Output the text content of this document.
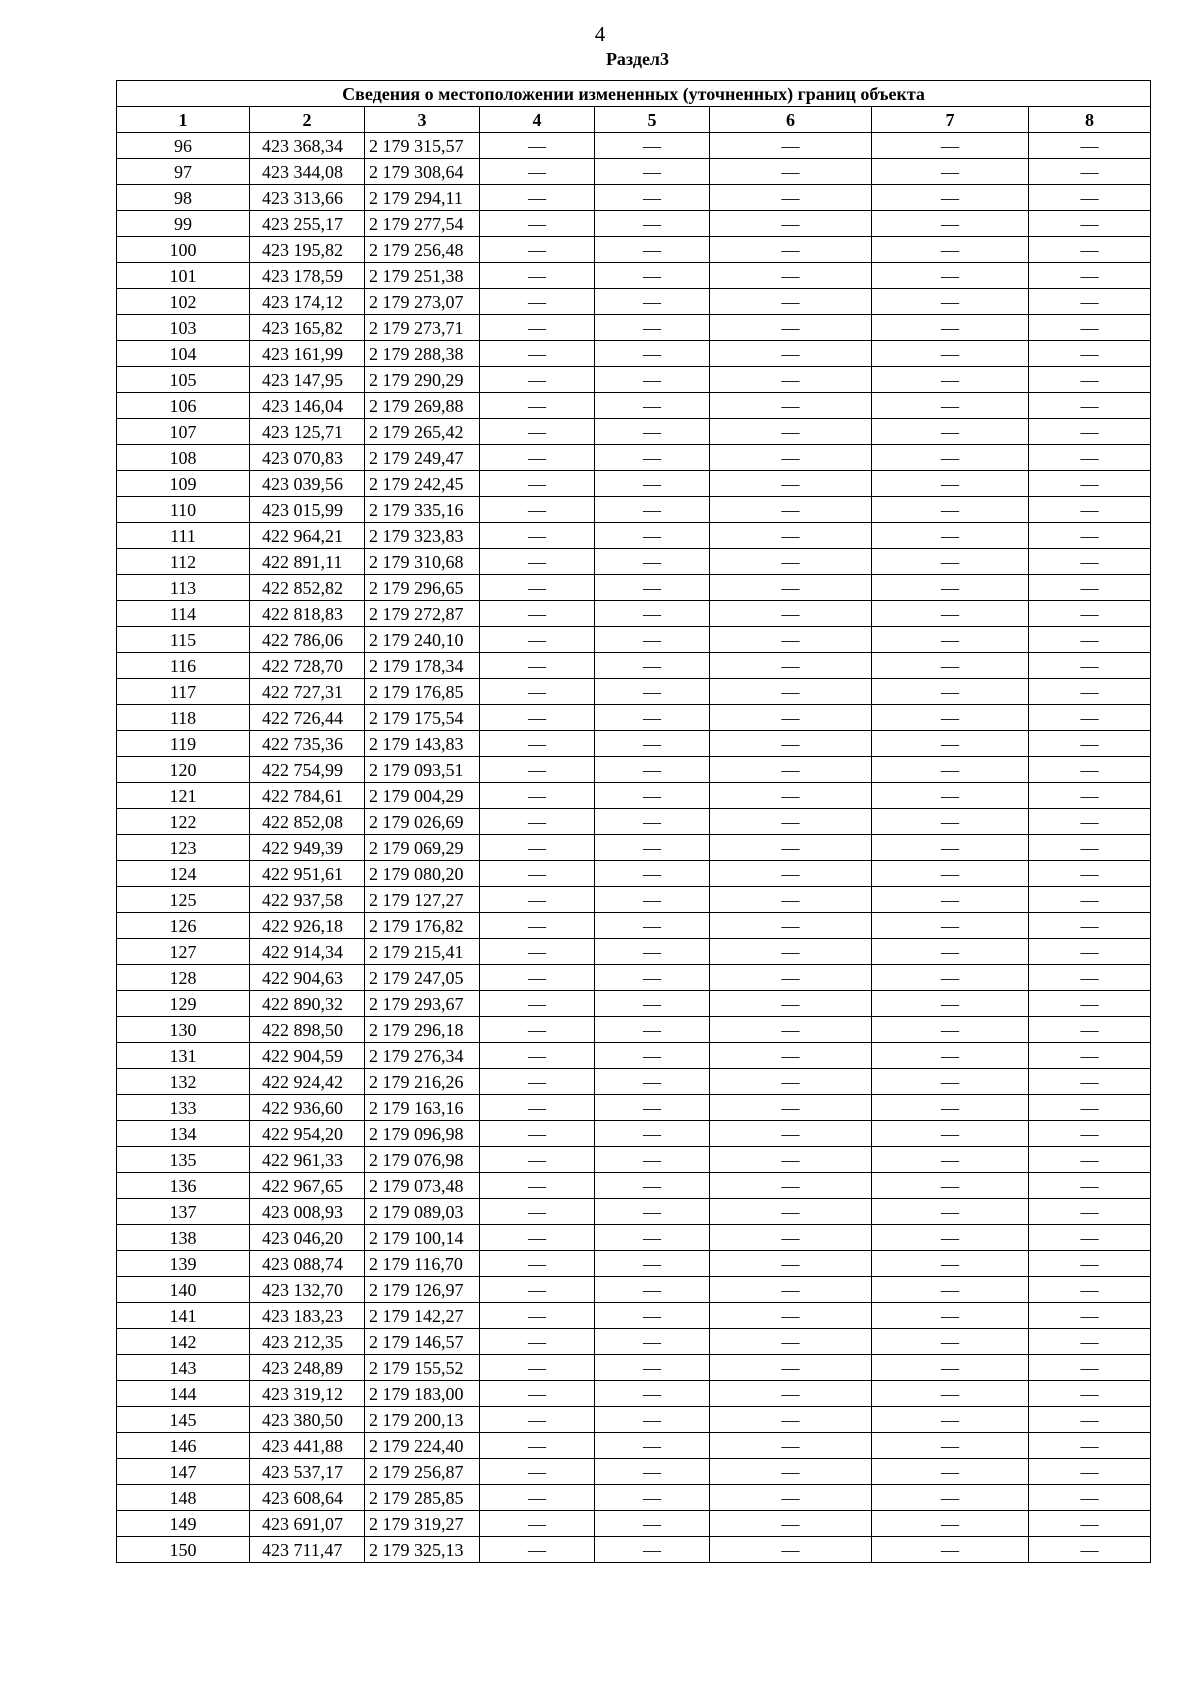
4
Раздел3
Сведения о местоположении измененных (уточненных) границ объекта							
1	2	3	4	5	6	7	8
96	423 368,34	2 179 315,57	—	—	—	—	—
97	423 344,08	2 179 308,64	—	—	—	—	—
98	423 313,66	2 179 294,11	—	—	—	—	—
99	423 255,17	2 179 277,54	—	—	—	—	—
100	423 195,82	2 179 256,48	—	—	—	—	—
101	423 178,59	2 179 251,38	—	—	—	—	—
102	423 174,12	2 179 273,07	—	—	—	—	—
103	423 165,82	2 179 273,71	—	—	—	—	—
104	423 161,99	2 179 288,38	—	—	—	—	—
105	423 147,95	2 179 290,29	—	—	—	—	—
106	423 146,04	2 179 269,88	—	—	—	—	—
107	423 125,71	2 179 265,42	—	—	—	—	—
108	423 070,83	2 179 249,47	—	—	—	—	—
109	423 039,56	2 179 242,45	—	—	—	—	—
110	423 015,99	2 179 335,16	—	—	—	—	—
111	422 964,21	2 179 323,83	—	—	—	—	—
112	422 891,11	2 179 310,68	—	—	—	—	—
113	422 852,82	2 179 296,65	—	—	—	—	—
114	422 818,83	2 179 272,87	—	—	—	—	—
115	422 786,06	2 179 240,10	—	—	—	—	—
116	422 728,70	2 179 178,34	—	—	—	—	—
117	422 727,31	2 179 176,85	—	—	—	—	—
118	422 726,44	2 179 175,54	—	—	—	—	—
119	422 735,36	2 179 143,83	—	—	—	—	—
120	422 754,99	2 179 093,51	—	—	—	—	—
121	422 784,61	2 179 004,29	—	—	—	—	—
122	422 852,08	2 179 026,69	—	—	—	—	—
123	422 949,39	2 179 069,29	—	—	—	—	—
124	422 951,61	2 179 080,20	—	—	—	—	—
125	422 937,58	2 179 127,27	—	—	—	—	—
126	422 926,18	2 179 176,82	—	—	—	—	—
127	422 914,34	2 179 215,41	—	—	—	—	—
128	422 904,63	2 179 247,05	—	—	—	—	—
129	422 890,32	2 179 293,67	—	—	—	—	—
130	422 898,50	2 179 296,18	—	—	—	—	—
131	422 904,59	2 179 276,34	—	—	—	—	—
132	422 924,42	2 179 216,26	—	—	—	—	—
133	422 936,60	2 179 163,16	—	—	—	—	—
134	422 954,20	2 179 096,98	—	—	—	—	—
135	422 961,33	2 179 076,98	—	—	—	—	—
136	422 967,65	2 179 073,48	—	—	—	—	—
137	423 008,93	2 179 089,03	—	—	—	—	—
138	423 046,20	2 179 100,14	—	—	—	—	—
139	423 088,74	2 179 116,70	—	—	—	—	—
140	423 132,70	2 179 126,97	—	—	—	—	—
141	423 183,23	2 179 142,27	—	—	—	—	—
142	423 212,35	2 179 146,57	—	—	—	—	—
143	423 248,89	2 179 155,52	—	—	—	—	—
144	423 319,12	2 179 183,00	—	—	—	—	—
145	423 380,50	2 179 200,13	—	—	—	—	—
146	423 441,88	2 179 224,40	—	—	—	—	—
147	423 537,17	2 179 256,87	—	—	—	—	—
148	423 608,64	2 179 285,85	—	—	—	—	—
149	423 691,07	2 179 319,27	—	—	—	—	—
150	423 711,47	2 179 325,13	—	—	—	—	—
